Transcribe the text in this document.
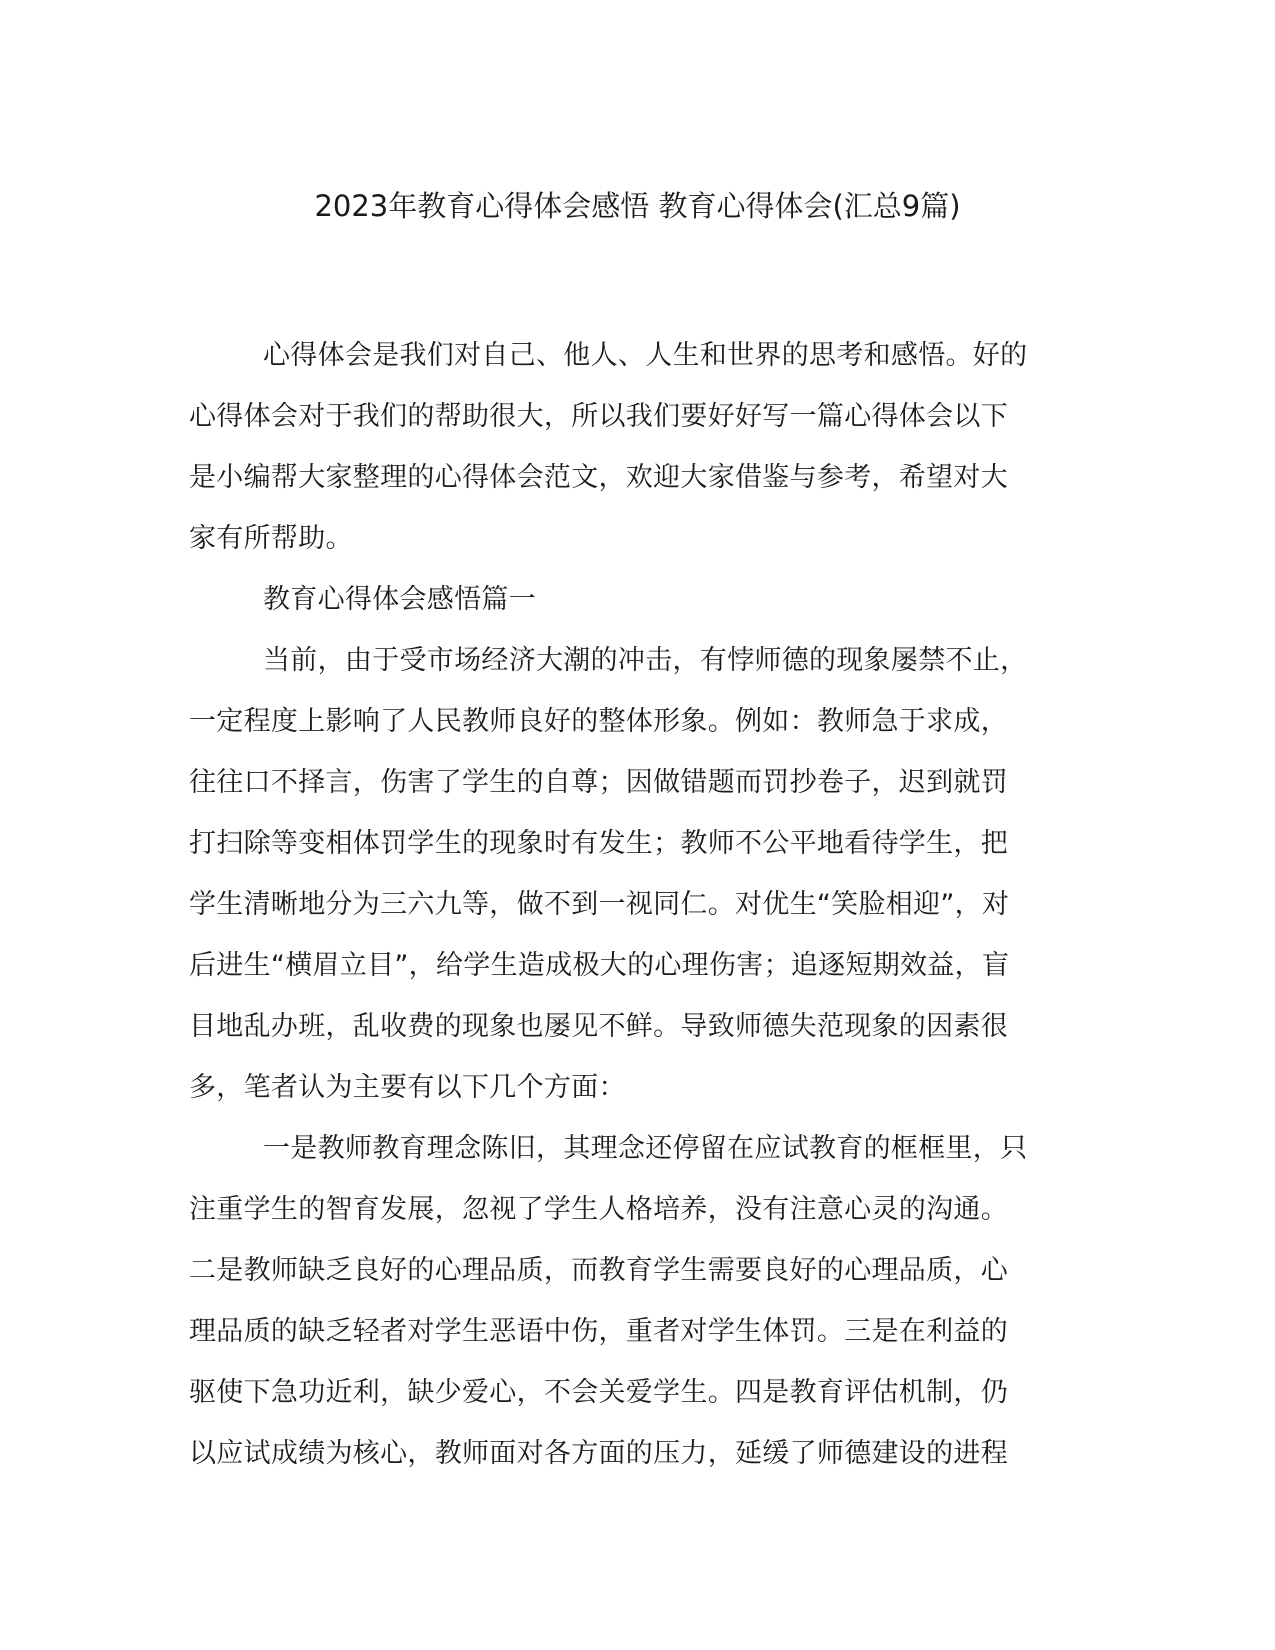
2023年教育心得体会感悟 教育心得体会(汇总9篇)
心得体会是我们对自己、他人、人生和世界的思考和感悟。好的
心得体会对于我们的帮助很大，所以我们要好好写一篇心得体会以下
是小编帮大家整理的心得体会范文，欢迎大家借鉴与参考，希望对大
家有所帮助。
教育心得体会感悟篇一
当前，由于受市场经济大潮的冲击，有悖师德的现象屡禁不止，
一定程度上影响了人民教师良好的整体形象。例如：教师急于求成，
往往口不择言，伤害了学生的自尊；因做错题而罚抄卷子，迟到就罚
打扫除等变相体罚学生的现象时有发生；教师不公平地看待学生，把
学生清晰地分为三六九等，做不到一视同仁。对优生“笑脸相迎”，对
后进生“横眉立目”，给学生造成极大的心理伤害；追逐短期效益，盲
目地乱办班，乱收费的现象也屡见不鲜。导致师德失范现象的因素很
多，笔者认为主要有以下几个方面：
一是教师教育理念陈旧，其理念还停留在应试教育的框框里，只
注重学生的智育发展，忽视了学生人格培养，没有注意心灵的沟通。
二是教师缺乏良好的心理品质，而教育学生需要良好的心理品质，心
理品质的缺乏轻者对学生恶语中伤，重者对学生体罚。三是在利益的
驱使下急功近利，缺少爱心，不会关爱学生。四是教育评估机制，仍
以应试成绩为核心，教师面对各方面的压力，延缓了师德建设的进程
